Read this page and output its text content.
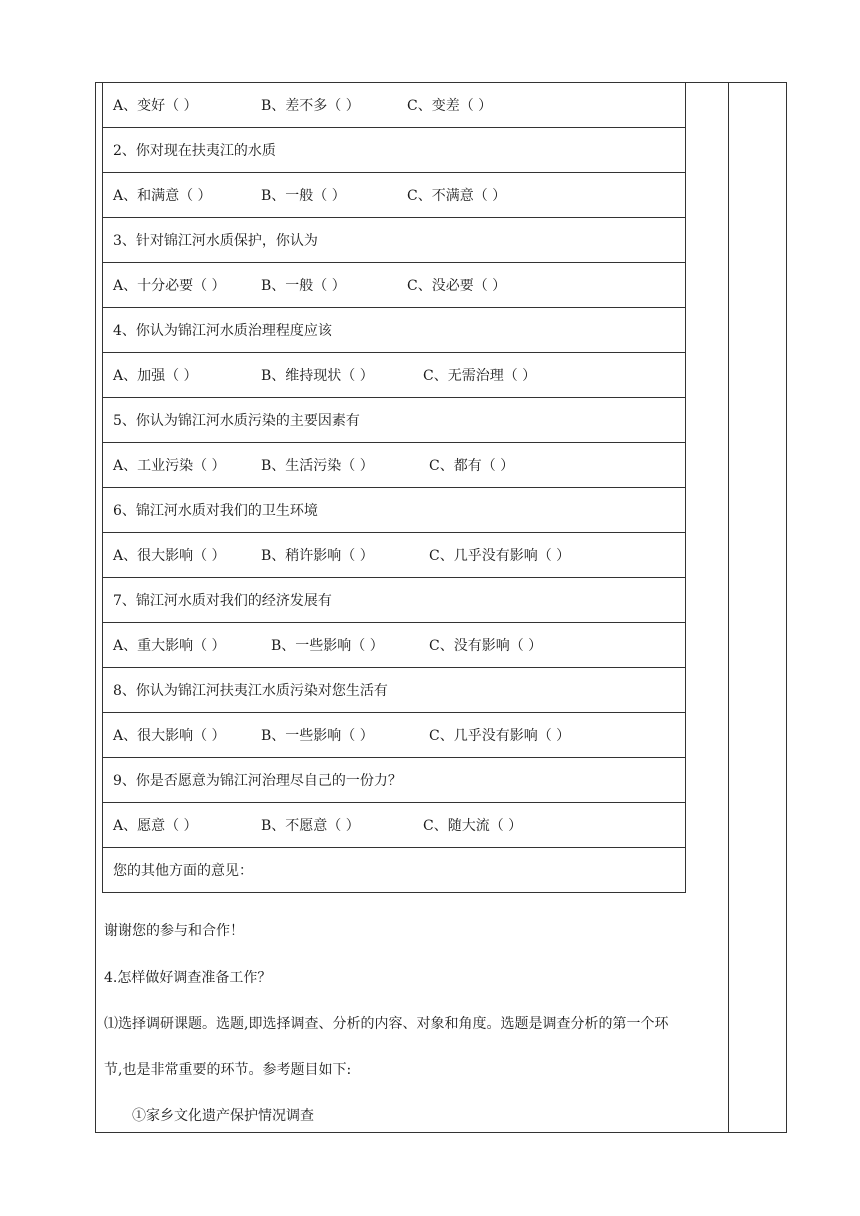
A、变好（ ）	B、差不多（ ）	C、变差（ ）

2、你对现在扶夷江的水质

A、和满意（ ）	B、一般（ ）	C、不满意（ ）

3、针对锦江河水质保护，你认为

A、十分必要（ ）	B、一般（ ）	C、没必要（ ）

4、你认为锦江河水质治理程度应该

A、加强（ ）	B、维持现状（ ）	C、无需治理（ ）

5、你认为锦江河水质污染的主要因素有

A、工业污染（ ）	B、生活污染（ ）	C、都有（ ）

6、锦江河水质对我们的卫生环境

A、很大影响（ ）	B、稍许影响（ ）	C、几乎没有影响（ ）

7、锦江河水质对我们的经济发展有

A、重大影响（ ）	B、一些影响（ ）	C、没有影响（ ）

8、你认为锦江河扶夷江水质污染对您生活有

A、很大影响（ ）	B、一些影响（ ）	C、几乎没有影响（ ）

9、你是否愿意为锦江河治理尽自己的一份力？

A、愿意（ ）	B、不愿意（ ）	C、随大流（ ）

您的其他方面的意见：
谢谢您的参与和合作！
4.怎样做好调查准备工作？
⑴选择调研课题。选题,即选择调查、分析的内容、对象和角度。选题是调查分析的第一个环
节,也是非常重要的环节。参考题目如下:
①家乡文化遗产保护情况调查
